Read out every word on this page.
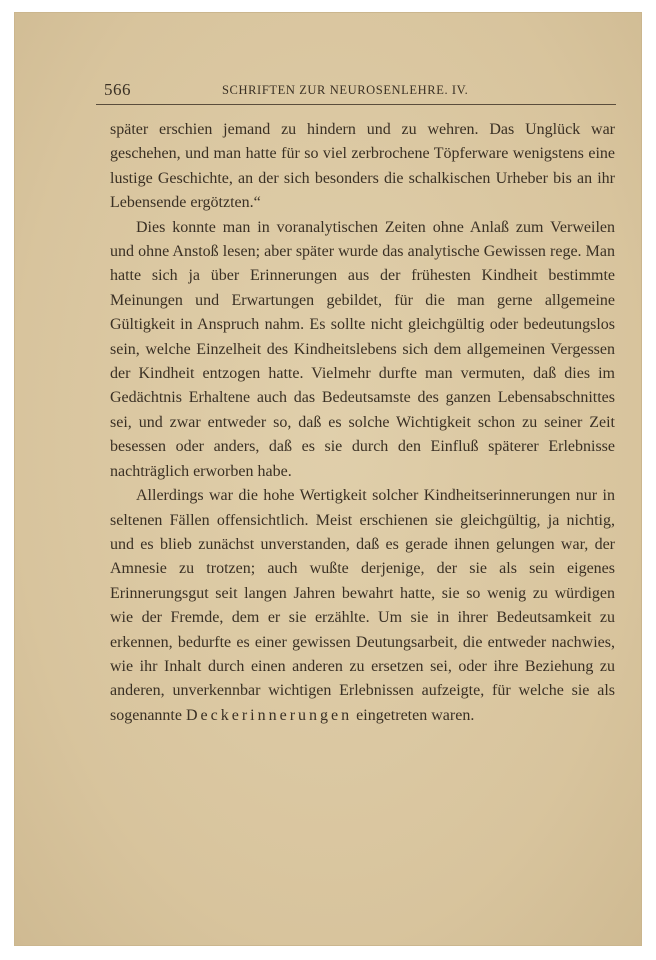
566	SCHRIFTEN ZUR NEUROSENLEHRE. IV.

später erschien jemand zu hindern und zu wehren. Das Unglück war geschehen, und man hatte für so viel zerbrochene Töpferware wenigstens eine lustige Geschichte, an der sich besonders die schalkischen Urheber bis an ihr Lebensende ergötzten.“

Dies konnte man in voranalytischen Zeiten ohne Anlaß zum Verweilen und ohne Anstoß lesen; aber später wurde das analytische Gewissen rege. Man hatte sich ja über Erinnerungen aus der frühesten Kindheit bestimmte Meinungen und Erwartungen gebildet, für die man gerne allgemeine Gültigkeit in Anspruch nahm. Es sollte nicht gleichgültig oder bedeutungslos sein, welche Einzelheit des Kindheitslebens sich dem allgemeinen Vergessen der Kindheit entzogen hatte. Vielmehr durfte man vermuten, daß dies im Gedächtnis Erhaltene auch das Bedeutsamste des ganzen Lebensabschnittes sei, und zwar entweder so, daß es solche Wichtigkeit schon zu seiner Zeit besessen oder anders, daß es sie durch den Einfluß späterer Erlebnisse nachträglich erworben habe.

Allerdings war die hohe Wertigkeit solcher Kindheitserinnerungen nur in seltenen Fällen offensichtlich. Meist erschienen sie gleichgültig, ja nichtig, und es blieb zunächst unverstanden, daß es gerade ihnen gelungen war, der Amnesie zu trotzen; auch wußte derjenige, der sie als sein eigenes Erinnerungsgut seit langen Jahren bewahrt hatte, sie so wenig zu würdigen wie der Fremde, dem er sie erzählte. Um sie in ihrer Bedeutsamkeit zu erkennen, bedurfte es einer gewissen Deutungsarbeit, die entweder nachwies, wie ihr Inhalt durch einen anderen zu ersetzen sei, oder ihre Beziehung zu anderen, unverkennbar wichtigen Erlebnissen aufzeigte, für welche sie als sogenannte Deckerinnerungen eingetreten waren.
